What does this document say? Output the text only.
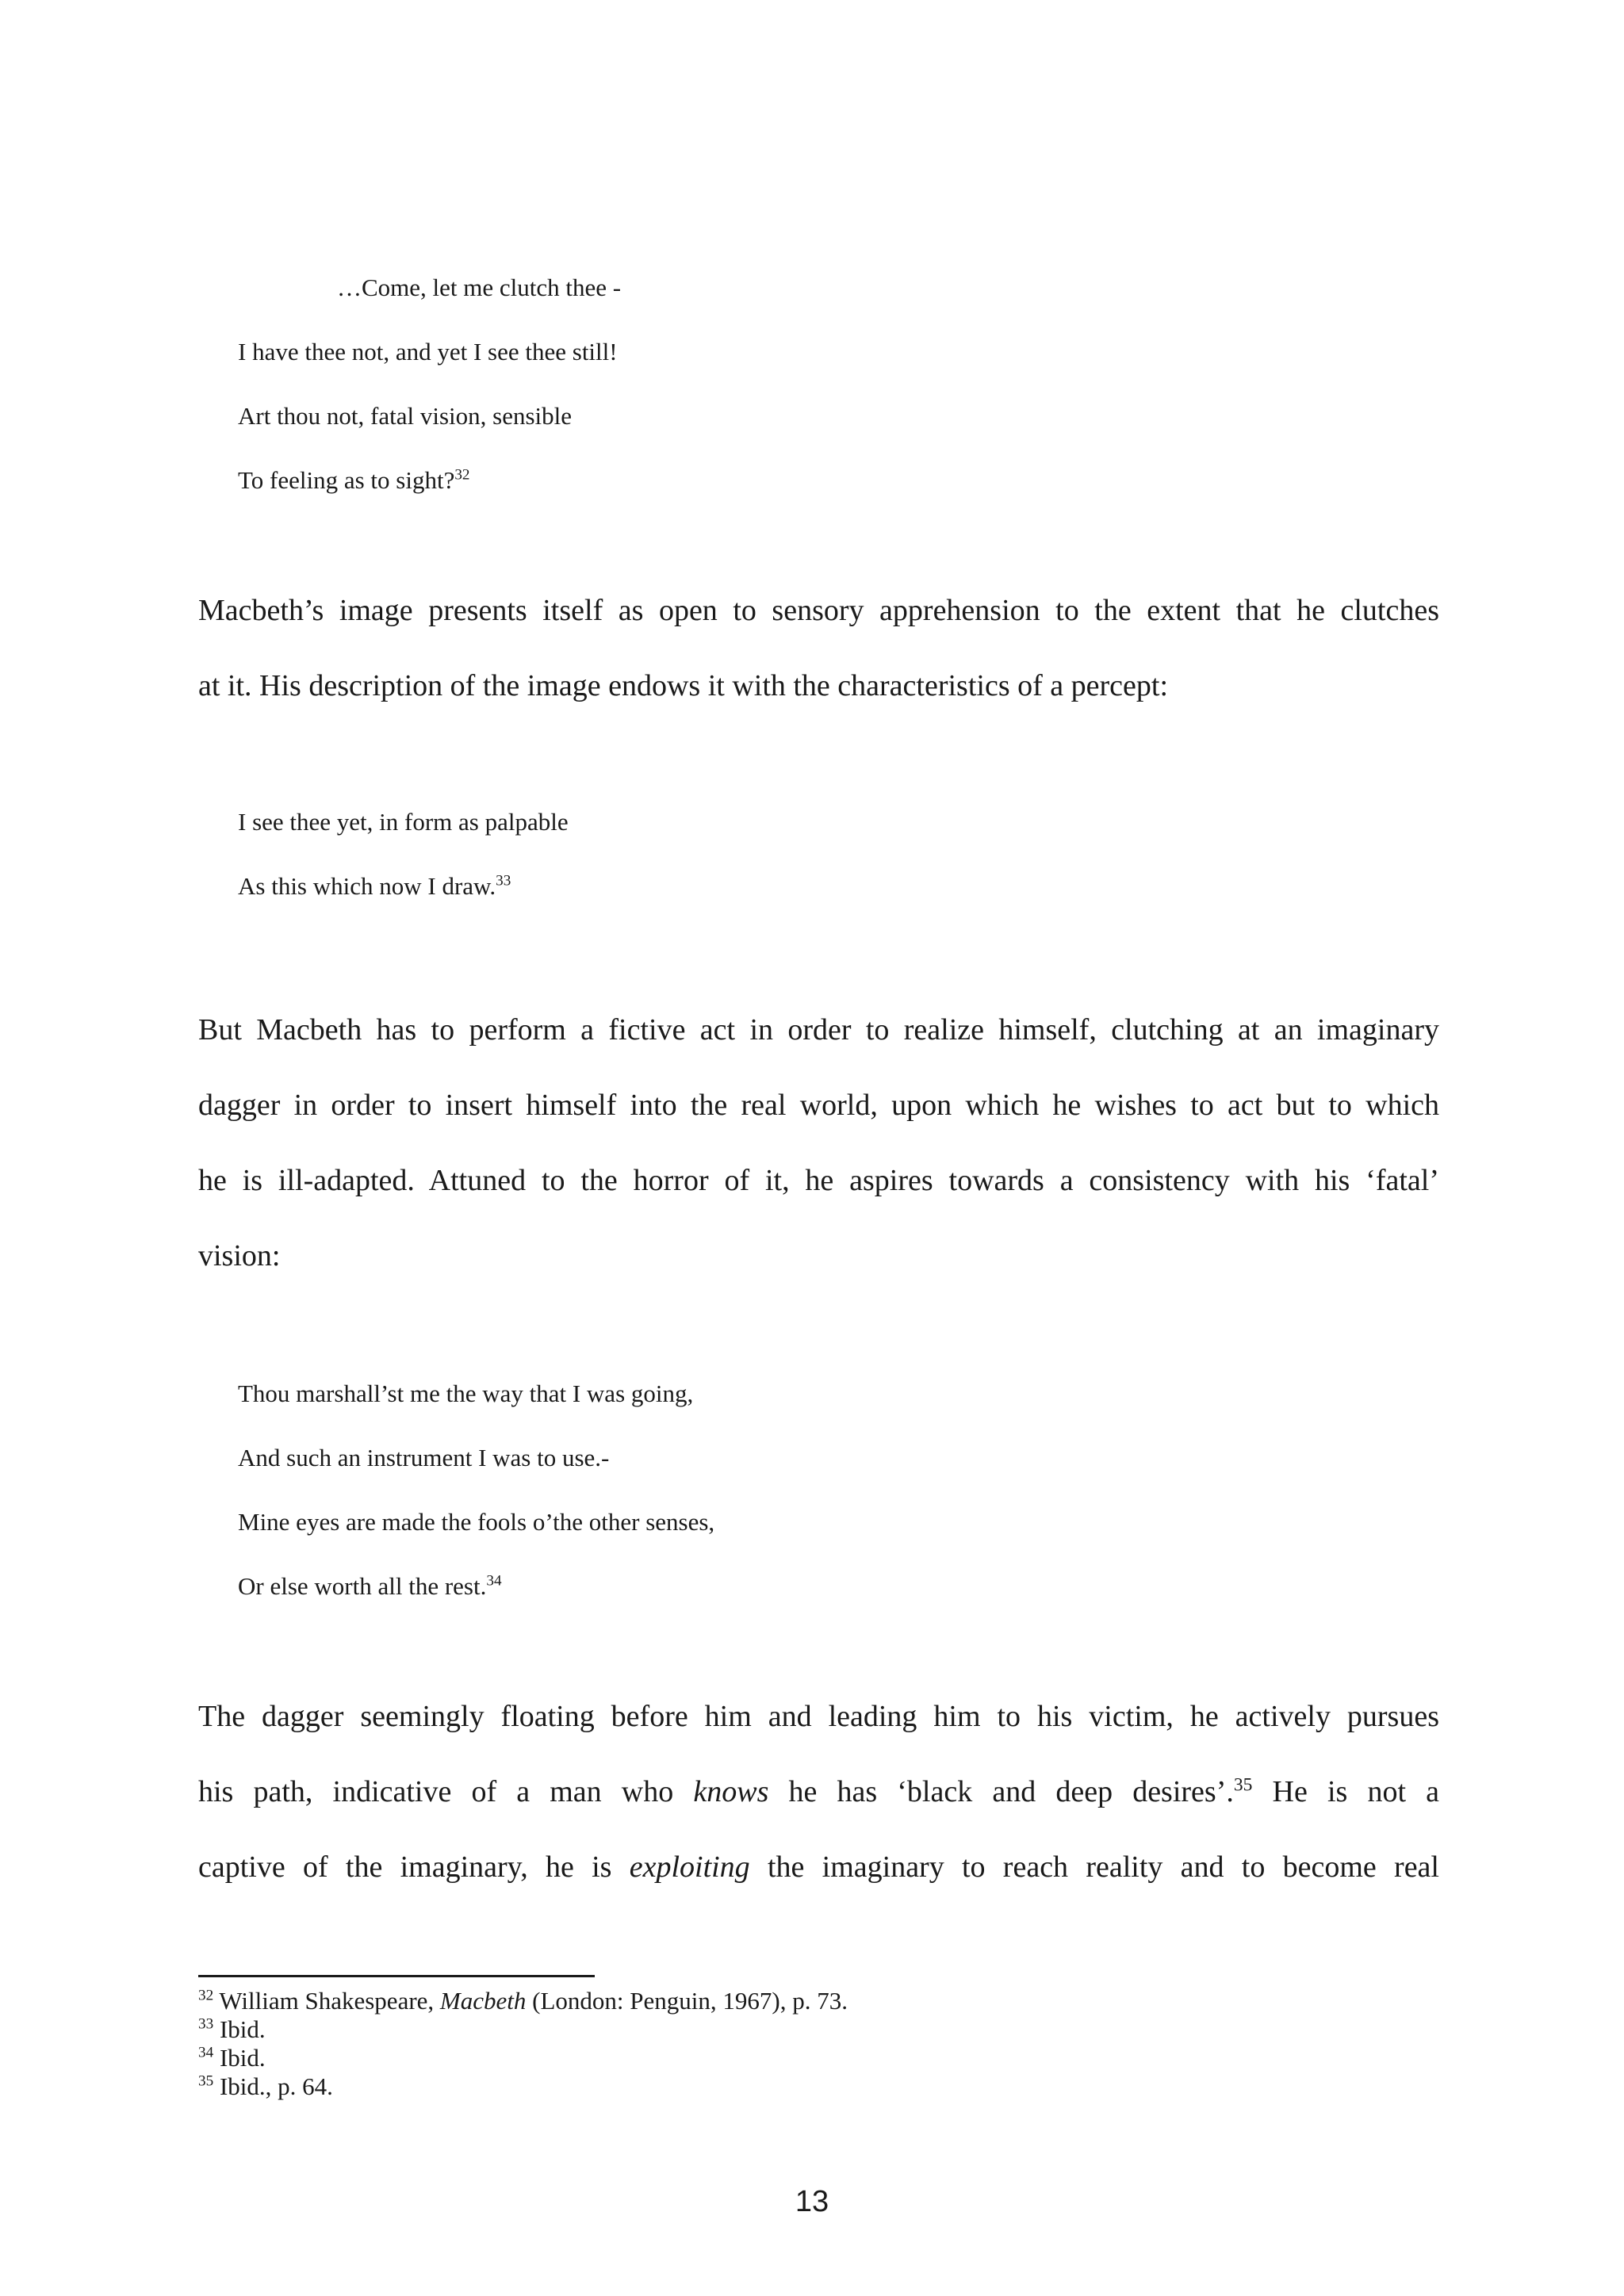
…Come, let me clutch thee -
I have thee not, and yet I see thee still!
Art thou not, fatal vision, sensible
To feeling as to sight?$^{32}$
Macbeth’s image presents itself as open to sensory apprehension to the extent that he clutches
at it. His description of the image endows it with the characteristics of a percept:
I see thee yet, in form as palpable
As this which now I draw.$^{33}$
But Macbeth has to perform a fictive act in order to realize himself, clutching at an imaginary
dagger in order to insert himself into the real world, upon which he wishes to act but to which
he is ill-adapted. Attuned to the horror of it, he aspires towards a consistency with his ‘fatal’
vision:
Thou marshall’st me the way that I was going,
And such an instrument I was to use.-
Mine eyes are made the fools o’the other senses,
Or else worth all the rest.$^{34}$
The dagger seemingly floating before him and leading him to his victim, he actively pursues
his path, indicative of a man who knows he has ‘black and deep desires’.$^{35}$ He is not a
captive of the imaginary, he is exploiting the imaginary to reach reality and to become real
$^{32}$ William Shakespeare, Macbeth (London: Penguin, 1967), p. 73.
$^{33}$ Ibid.
$^{34}$ Ibid.
$^{35}$ Ibid., p. 64.
13
